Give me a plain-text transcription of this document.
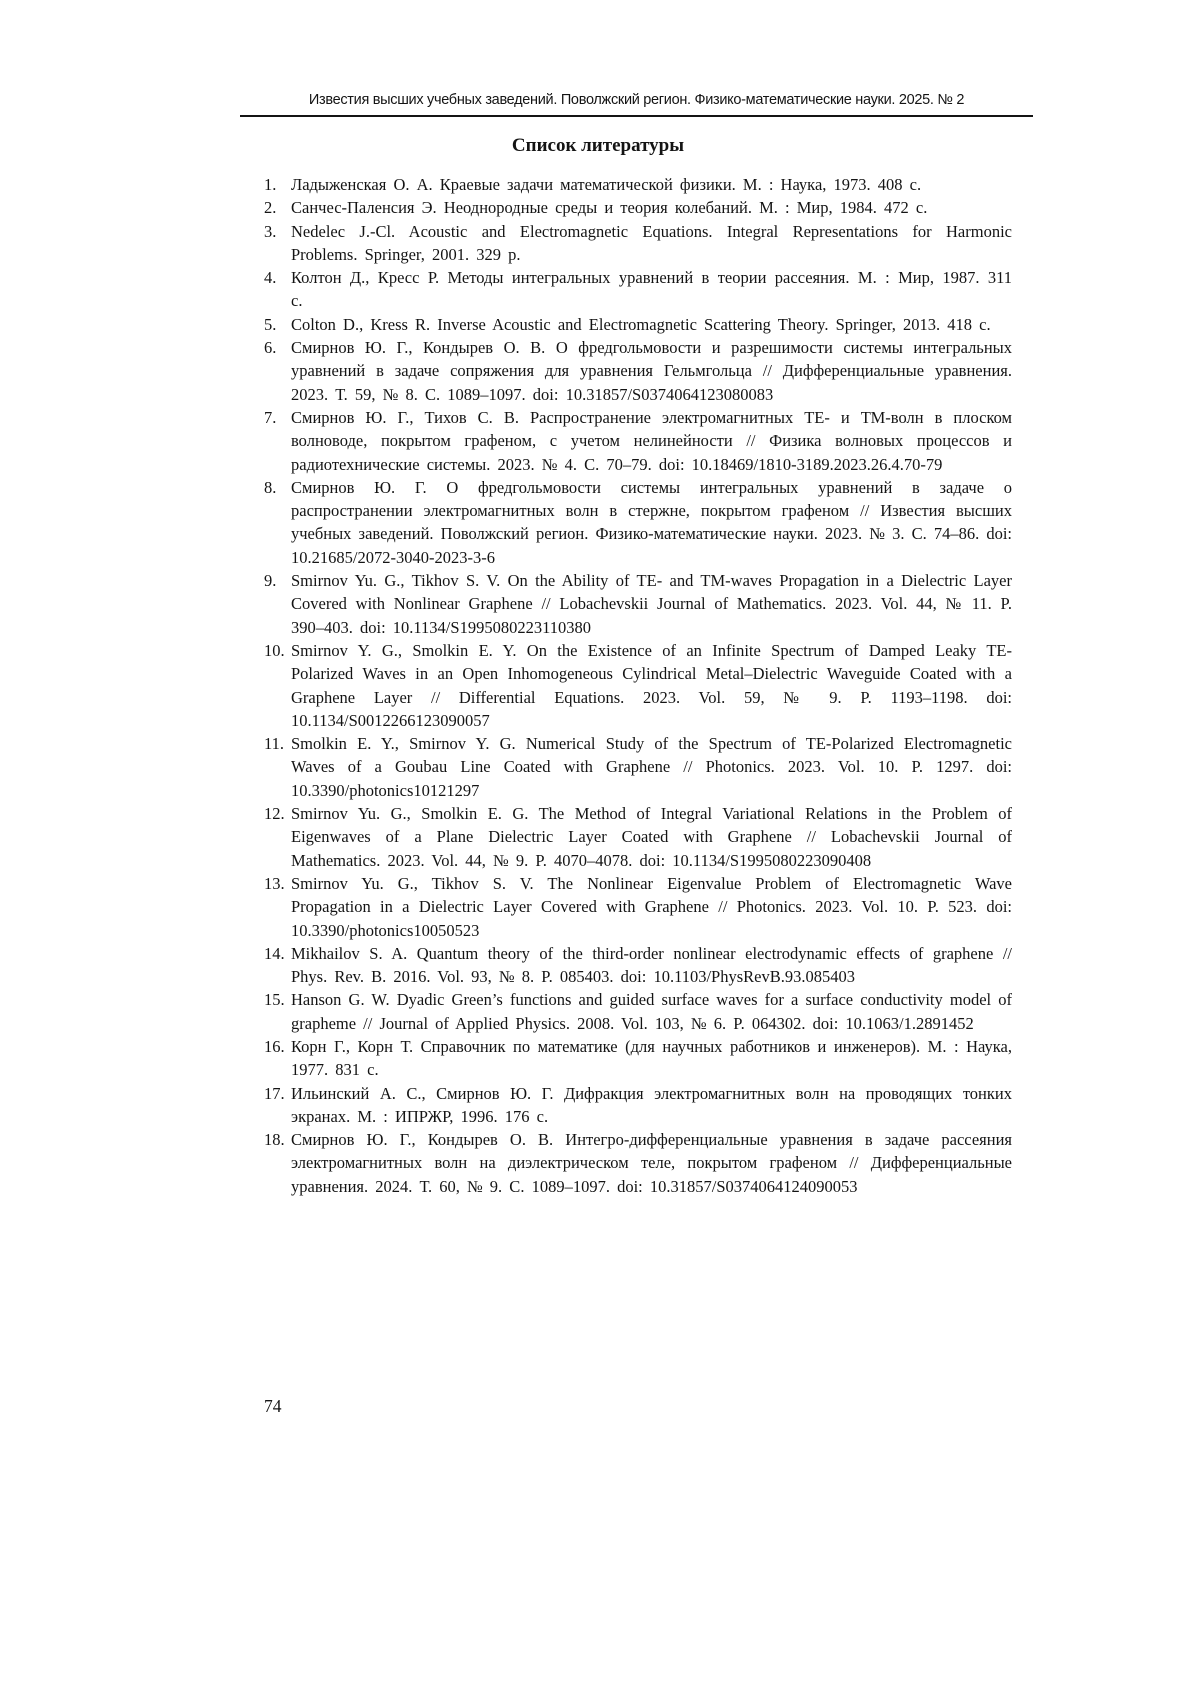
Известия высших учебных заведений. Поволжский регион. Физико-математические науки. 2025. № 2
Список литературы
1. Ладыженская О. А. Краевые задачи математической физики. М. : Наука, 1973. 408 с.
2. Санчес-Паленсия Э. Неоднородные среды и теория колебаний. М. : Мир, 1984. 472 с.
3. Nedelec J.-Cl. Acoustic and Electromagnetic Equations. Integral Representations for Harmonic Problems. Springer, 2001. 329 p.
4. Колтон Д., Кресс Р. Методы интегральных уравнений в теории рассеяния. М. : Мир, 1987. 311 с.
5. Colton D., Kress R. Inverse Acoustic and Electromagnetic Scattering Theory. Springer, 2013. 418 с.
6. Смирнов Ю. Г., Кондырев О. В. О фредгольмовости и разрешимости системы интегральных уравнений в задаче сопряжения для уравнения Гельмгольца // Дифференциальные уравнения. 2023. Т. 59, № 8. С. 1089–1097. doi: 10.31857/S0374064123080083
7. Смирнов Ю. Г., Тихов С. В. Распространение электромагнитных ТЕ- и ТМ-волн в плоском волноводе, покрытом графеном, с учетом нелинейности // Физика волновых процессов и радиотехнические системы. 2023. № 4. С. 70–79. doi: 10.18469/1810-3189.2023.26.4.70-79
8. Смирнов Ю. Г. О фредгольмовости системы интегральных уравнений в задаче о распространении электромагнитных волн в стержне, покрытом графеном // Известия высших учебных заведений. Поволжский регион. Физико-математические науки. 2023. № 3. С. 74–86. doi: 10.21685/2072-3040-2023-3-6
9. Smirnov Yu. G., Tikhov S. V. On the Ability of TE- and TM-waves Propagation in a Dielectric Layer Covered with Nonlinear Graphene // Lobachevskii Journal of Mathematics. 2023. Vol. 44, № 11. P. 390–403. doi: 10.1134/S1995080223110380
10. Smirnov Y. G., Smolkin E. Y. On the Existence of an Infinite Spectrum of Damped Leaky TE-Polarized Waves in an Open Inhomogeneous Cylindrical Metal–Dielectric Waveguide Coated with a Graphene Layer // Differential Equations. 2023. Vol. 59, № 9. P. 1193–1198. doi: 10.1134/S0012266123090057
11. Smolkin E. Y., Smirnov Y. G. Numerical Study of the Spectrum of TE-Polarized Electromagnetic Waves of a Goubau Line Coated with Graphene // Photonics. 2023. Vol. 10. P. 1297. doi: 10.3390/photonics10121297
12. Smirnov Yu. G., Smolkin E. G. The Method of Integral Variational Relations in the Problem of Eigenwaves of a Plane Dielectric Layer Coated with Graphene // Lobachevskii Journal of Mathematics. 2023. Vol. 44, № 9. P. 4070–4078. doi: 10.1134/S1995080223090408
13. Smirnov Yu. G., Tikhov S. V. The Nonlinear Eigenvalue Problem of Electromagnetic Wave Propagation in a Dielectric Layer Covered with Graphene // Photonics. 2023. Vol. 10. P. 523. doi: 10.3390/photonics10050523
14. Mikhailov S. A. Quantum theory of the third-order nonlinear electrodynamic effects of graphene // Phys. Rev. B. 2016. Vol. 93, № 8. P. 085403. doi: 10.1103/PhysRevB.93.085403
15. Hanson G. W. Dyadic Green’s functions and guided surface waves for a surface conductivity model of grapheme // Journal of Applied Physics. 2008. Vol. 103, № 6. P. 064302. doi: 10.1063/1.2891452
16. Корн Г., Корн Т. Справочник по математике (для научных работников и инженеров). М. : Наука, 1977. 831 с.
17. Ильинский А. С., Смирнов Ю. Г. Дифракция электромагнитных волн на проводящих тонких экранах. М. : ИПРЖР, 1996. 176 с.
18. Смирнов Ю. Г., Кондырев О. В. Интегро-дифференциальные уравнения в задаче рассеяния электромагнитных волн на диэлектрическом теле, покрытом графеном // Дифференциальные уравнения. 2024. Т. 60, № 9. С. 1089–1097. doi: 10.31857/S0374064124090053
74
